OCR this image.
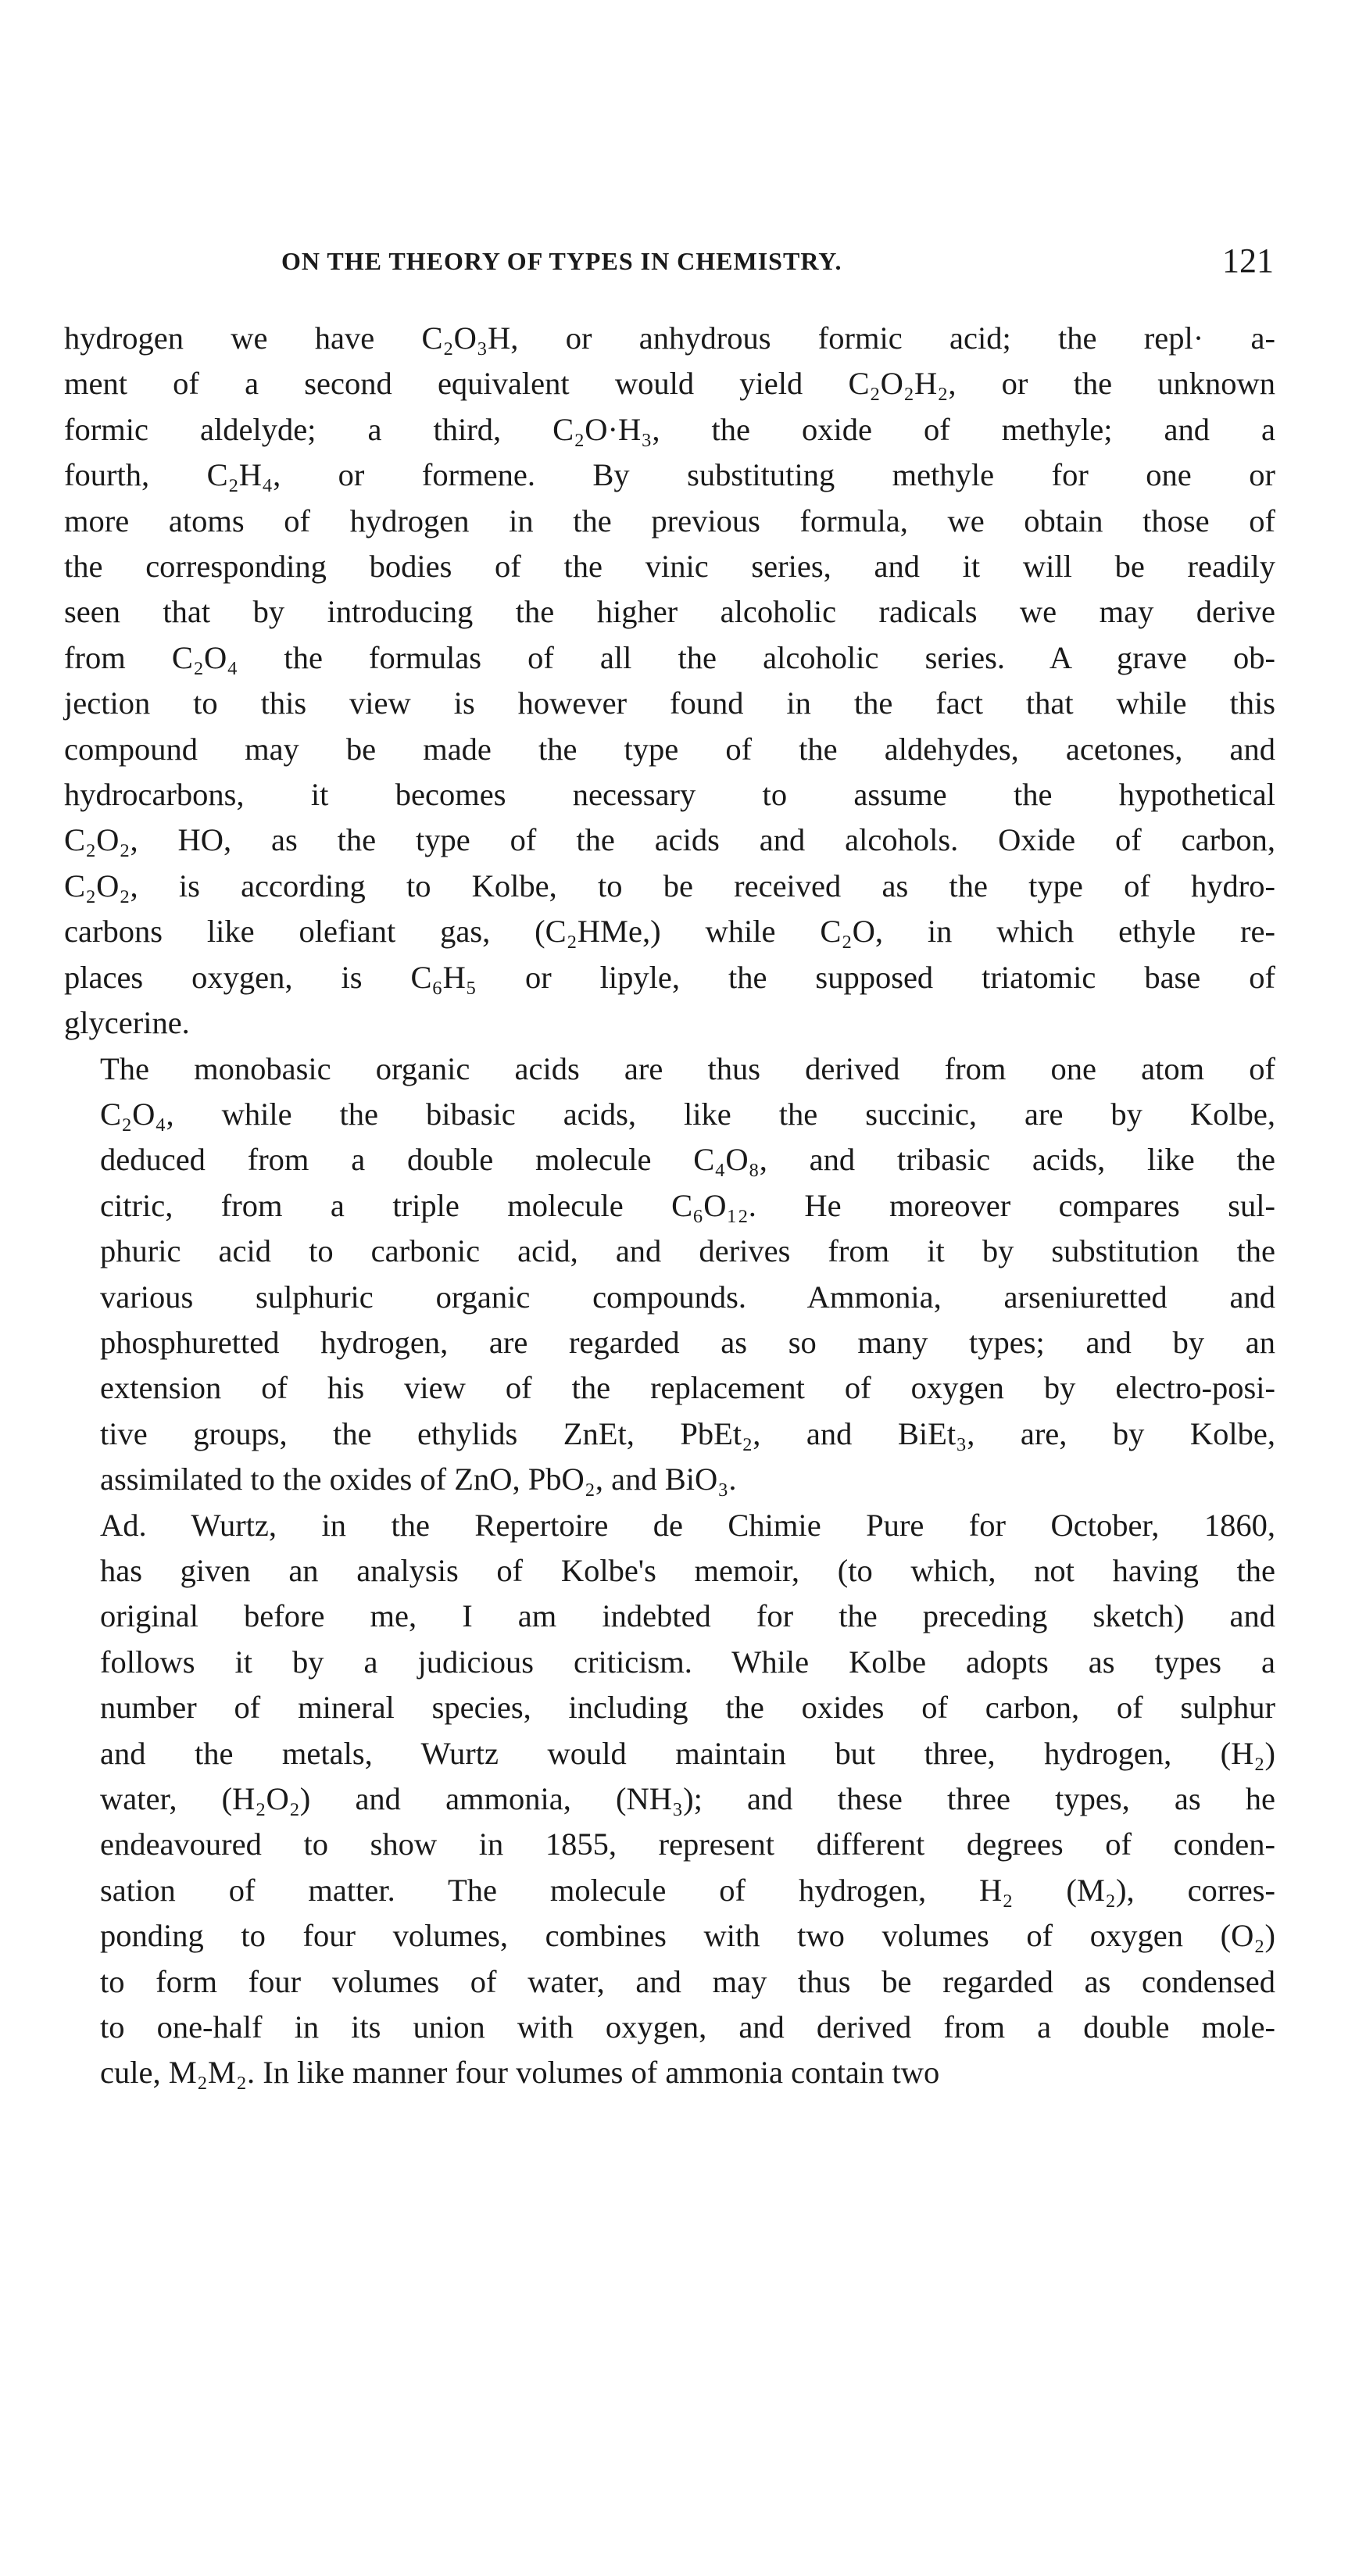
ON THE THEORY OF TYPES IN CHEMISTRY.	121
hydrogen we have C₂O₃H, or anhydrous formic acid; the repl· a-
ment of a second equivalent would yield C₂O₂H₂, or the unknown
formic aldelyde; a third, C₂O·H₃, the oxide of methyle; and a
fourth, C₂H₄, or formene. By substituting methyle for one or
more atoms of hydrogen in the previous formula, we obtain those of
the corresponding bodies of the vinic series, and it will be readily
seen that by introducing the higher alcoholic radicals we may derive
from C₂O₄ the formulas of all the alcoholic series. A grave ob-
jection to this view is however found in the fact that while this
compound may be made the type of the aldehydes, acetones, and
hydrocarbons, it becomes necessary to assume the hypothetical
C₂O₂, HO, as the type of the acids and alcohols. Oxide of carbon,
C₂O₂, is according to Kolbe, to be received as the type of hydro-
carbons like olefiant gas, (C₂HMe,) while C₂O, in which ethyle re-
places oxygen, is C₆H₅ or lipyle, the supposed triatomic base of
glycerine.
The monobasic organic acids are thus derived from one atom of
C₂O₄, while the bibasic acids, like the succinic, are by Kolbe,
deduced from a double molecule C₄O₈, and tribasic acids, like the
citric, from a triple molecule C₆O₁₂. He moreover compares sul-
phuric acid to carbonic acid, and derives from it by substitution the
various sulphuric organic compounds. Ammonia, arseniuretted and
phosphuretted hydrogen, are regarded as so many types; and by an
extension of his view of the replacement of oxygen by electro-posi-
tive groups, the ethylids ZnEt, PbEt₂, and BiEt₃, are, by Kolbe,
assimilated to the oxides of ZnO, PbO₂, and BiO₃.
Ad. Wurtz, in the Repertoire de Chimie Pure for October, 1860,
has given an analysis of Kolbe's memoir, (to which, not having the
original before me, I am indebted for the preceding sketch) and
follows it by a judicious criticism. While Kolbe adopts as types a
number of mineral species, including the oxides of carbon, of sulphur
and the metals, Wurtz would maintain but three, hydrogen, (H₂)
water, (H₂O₂) and ammonia, (NH₃); and these three types, as he
endeavoured to show in 1855, represent different degrees of conden-
sation of matter. The molecule of hydrogen, H₂ (M₂), corres-
ponding to four volumes, combines with two volumes of oxygen (O₂)
to form four volumes of water, and may thus be regarded as condensed
to one-half in its union with oxygen, and derived from a double mole-
cule, M₂M₂. In like manner four volumes of ammonia contain two
